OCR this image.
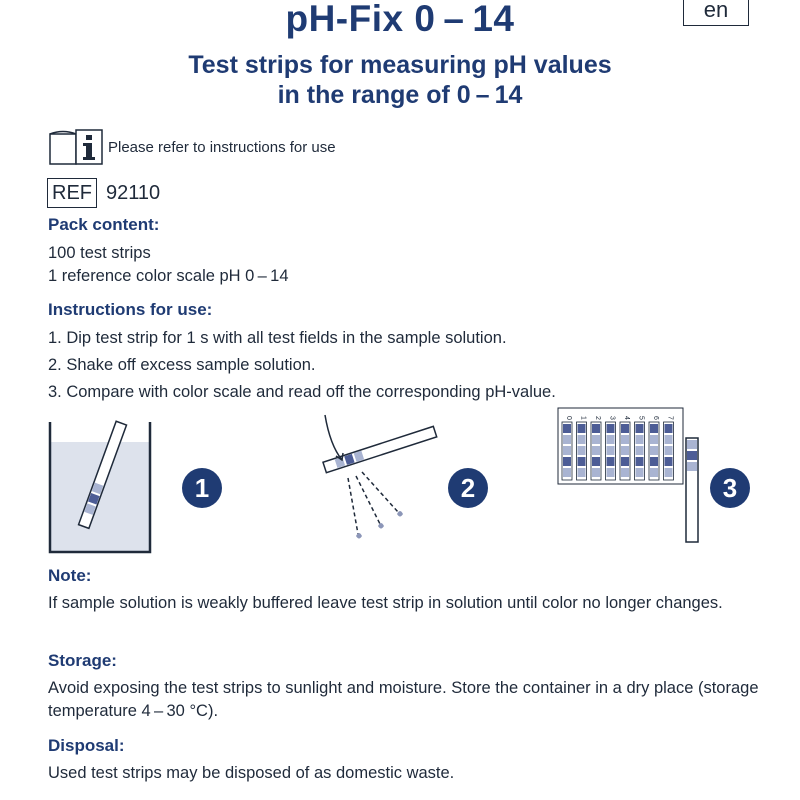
pH-Fix 0 – 14	en
Test strips for measuring pH values
in the range of 0 – 14
Please refer to instructions for use
REF 92110
Pack content:
100 test strips
1 reference color scale pH 0 – 14
Instructions for use:
1. Dip test strip for 1 s with all test fields in the sample solution.
2. Shake off excess sample solution.
3. Compare with color scale and read off the corresponding pH-value.
1	2
0 1 2 3 4 5 6 7
3
Note:
If sample solution is weakly buffered leave test strip in solution until color no longer changes.
Storage:
Avoid exposing the test strips to sunlight and moisture. Store the container in a dry place (storage temperature 4 – 30 °C).
Disposal:
Used test strips may be disposed of as domestic waste.
